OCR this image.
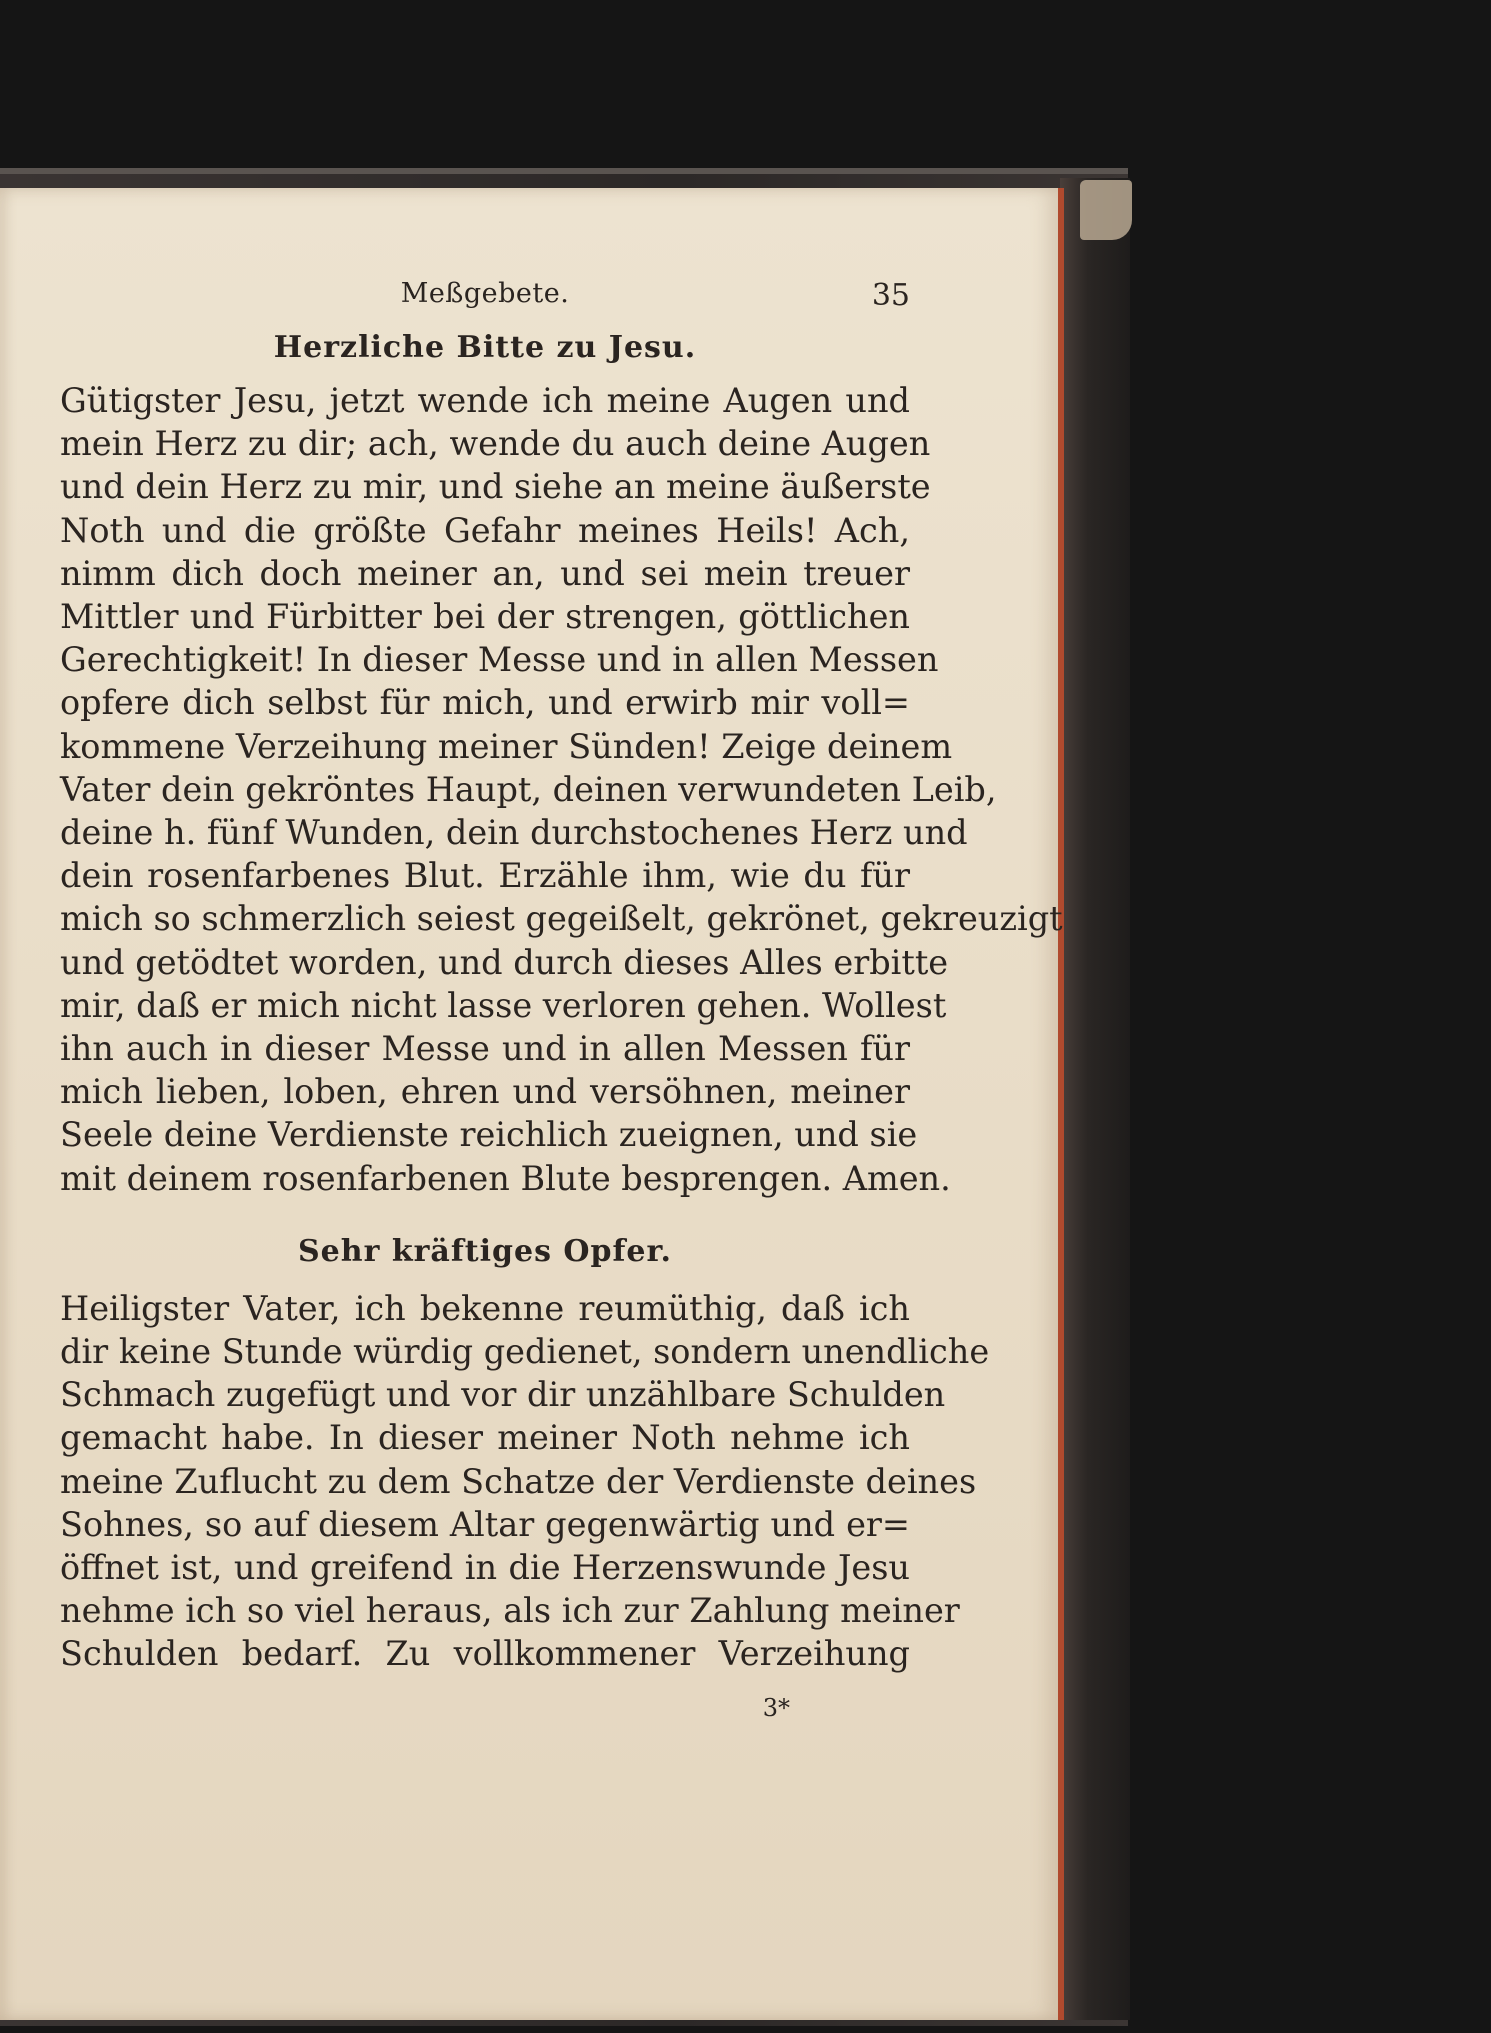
Meßgebete.	35
Herzliche Bitte zu Jesu.

Gütigster Jesu, jetzt wende ich meine Augen und

mein Herz zu dir; ach, wende du auch deine Augen

und dein Herz zu mir, und siehe an meine äußerste

Noth und die größte Gefahr meines Heils! Ach,

nimm dich doch meiner an, und sei mein treuer

Mittler und Fürbitter bei der strengen, göttlichen

Gerechtigkeit! In dieser Messe und in allen Messen

opfere dich selbst für mich, und erwirb mir voll=

kommene Verzeihung meiner Sünden! Zeige deinem

Vater dein gekröntes Haupt, deinen verwundeten Leib,

deine h. fünf Wunden, dein durchstochenes Herz und

dein rosenfarbenes Blut. Erzähle ihm, wie du für

mich so schmerzlich seiest gegeißelt, gekrönet, gekreuzigt

und getödtet worden, und durch dieses Alles erbitte

mir, daß er mich nicht lasse verloren gehen. Wollest

ihn auch in dieser Messe und in allen Messen für

mich lieben, loben, ehren und versöhnen, meiner

Seele deine Verdienste reichlich zueignen, und sie

mit deinem rosenfarbenen Blute besprengen. Amen.

Sehr kräftiges Opfer.

Heiligster Vater, ich bekenne reumüthig, daß ich

dir keine Stunde würdig gedienet, sondern unendliche

Schmach zugefügt und vor dir unzählbare Schulden

gemacht habe. In dieser meiner Noth nehme ich

meine Zuflucht zu dem Schatze der Verdienste deines

Sohnes, so auf diesem Altar gegenwärtig und er=

öffnet ist, und greifend in die Herzenswunde Jesu

nehme ich so viel heraus, als ich zur Zahlung meiner

Schulden bedarf. Zu vollkommener Verzeihung

3*
